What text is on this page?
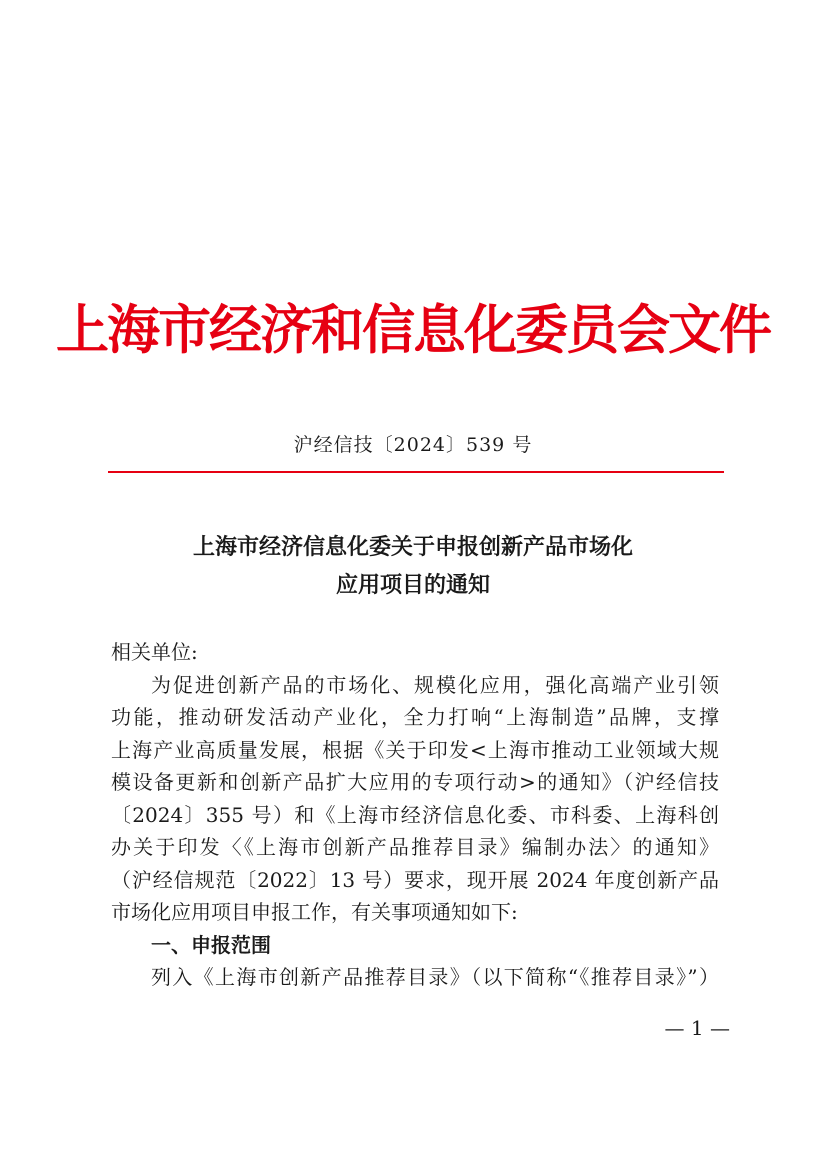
上海市经济和信息化委员会文件
沪经信技〔2024〕539 号
上海市经济信息化委关于申报创新产品市场化
应用项目的通知
相关单位:
为促进创新产品的市场化、规模化应用，强化高端产业引领
功能，推动研发活动产业化，全力打响“上海制造”品牌，支撑
上海产业高质量发展，根据《关于印发<上海市推动工业领域大规
模设备更新和创新产品扩大应用的专项行动>的通知》（沪经信技
〔2024〕355 号）和《上海市经济信息化委、市科委、上海科创
办关于印发〈《上海市创新产品推荐目录》编制办法〉的通知》
（沪经信规范〔2022〕13 号）要求，现开展 2024 年度创新产品
市场化应用项目申报工作，有关事项通知如下:
一、申报范围
列入《上海市创新产品推荐目录》（以下简称“《推荐目录》”）
— 1 —
